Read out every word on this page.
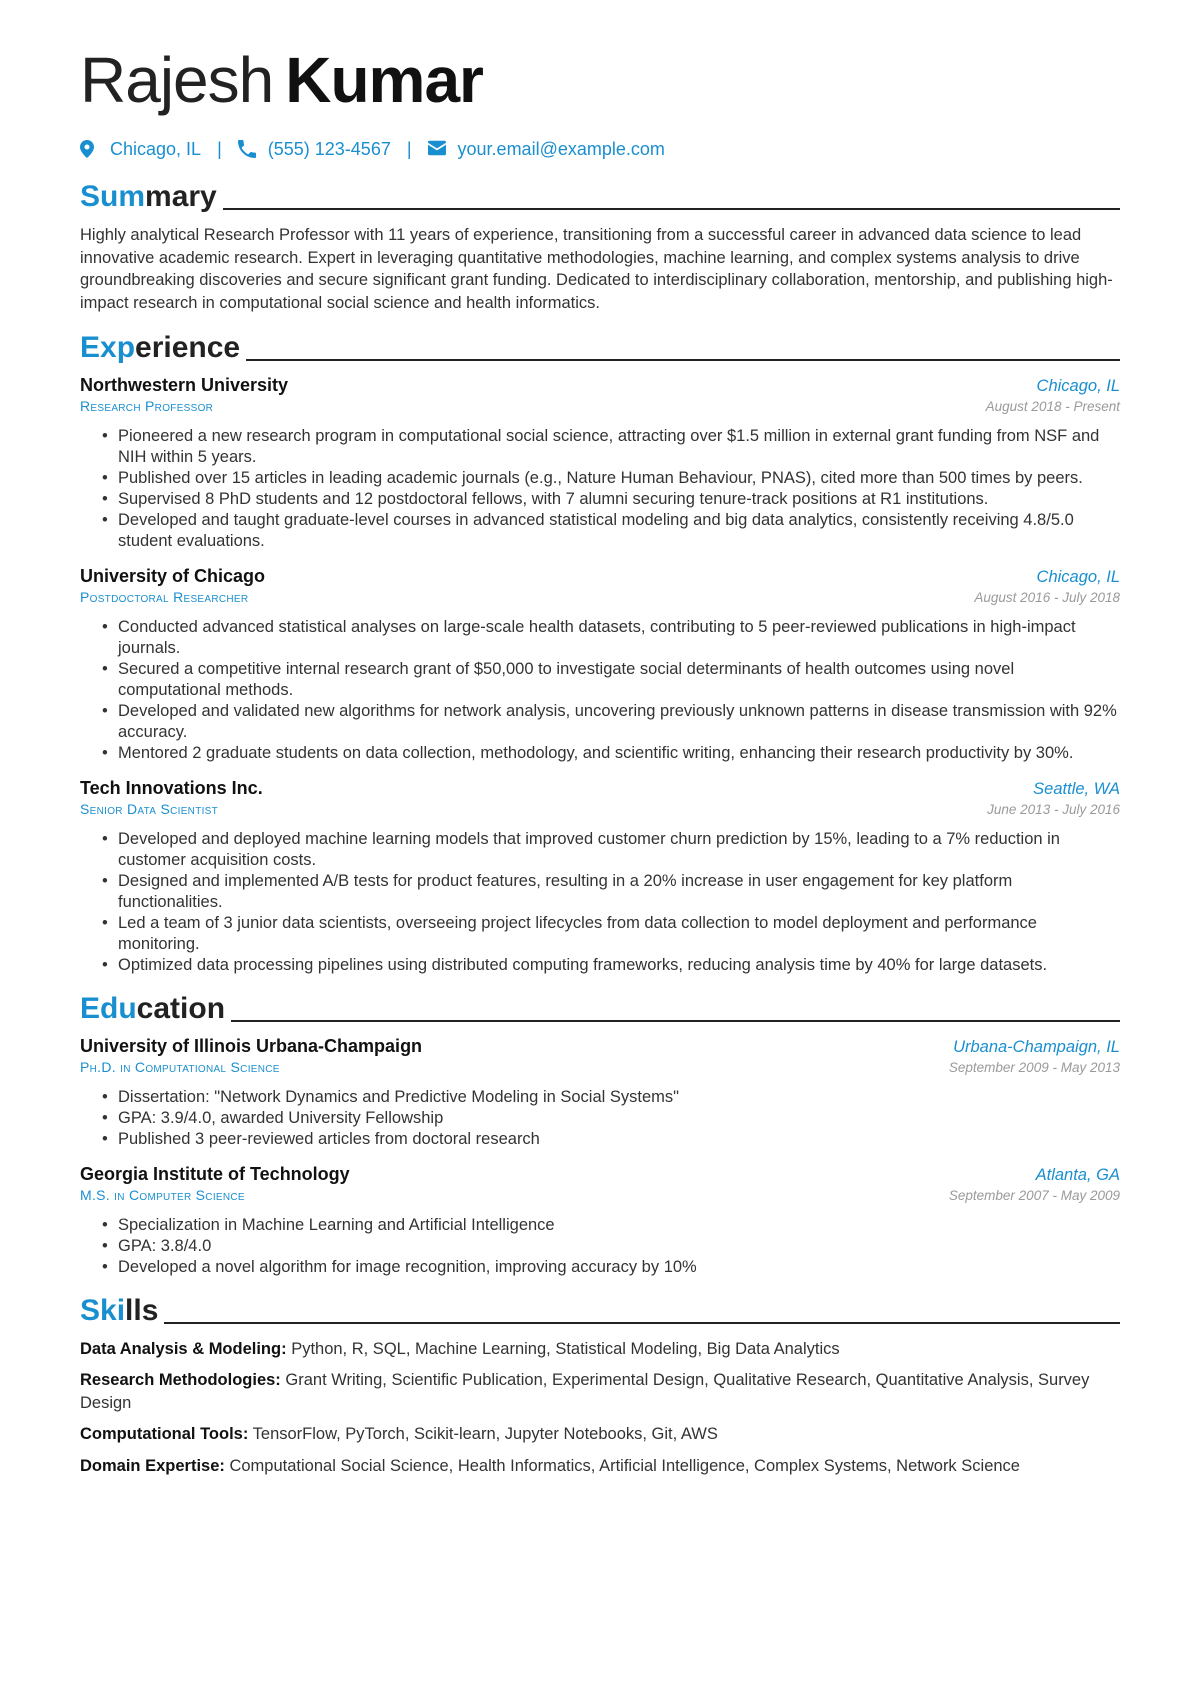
Rajesh Kumar
Chicago, IL |	(555) 123-4567 |	your.email@example.com
Summary
Highly analytical Research Professor with 11 years of experience, transitioning from a successful career in advanced data science to lead innovative academic research. Expert in leveraging quantitative methodologies, machine learning, and complex systems analysis to drive groundbreaking discoveries and secure significant grant funding. Dedicated to interdisciplinary collaboration, mentorship, and publishing high-impact research in computational social science and health informatics.
Experience
Northwestern University	Chicago, IL
Research Professor	August 2018 - Present
• Pioneered a new research program in computational social science, attracting over $1.5 million in external grant funding from NSF and NIH within 5 years.
• Published over 15 articles in leading academic journals (e.g., Nature Human Behaviour, PNAS), cited more than 500 times by peers.
• Supervised 8 PhD students and 12 postdoctoral fellows, with 7 alumni securing tenure-track positions at R1 institutions.
• Developed and taught graduate-level courses in advanced statistical modeling and big data analytics, consistently receiving 4.8/5.0 student evaluations.
University of Chicago	Chicago, IL
Postdoctoral Researcher	August 2016 - July 2018
• Conducted advanced statistical analyses on large-scale health datasets, contributing to 5 peer-reviewed publications in high-impact journals.
• Secured a competitive internal research grant of $50,000 to investigate social determinants of health outcomes using novel computational methods.
• Developed and validated new algorithms for network analysis, uncovering previously unknown patterns in disease transmission with 92% accuracy.
• Mentored 2 graduate students on data collection, methodology, and scientific writing, enhancing their research productivity by 30%.
Tech Innovations Inc.	Seattle, WA
Senior Data Scientist	June 2013 - July 2016
• Developed and deployed machine learning models that improved customer churn prediction by 15%, leading to a 7% reduction in customer acquisition costs.
• Designed and implemented A/B tests for product features, resulting in a 20% increase in user engagement for key platform functionalities.
• Led a team of 3 junior data scientists, overseeing project lifecycles from data collection to model deployment and performance monitoring.
• Optimized data processing pipelines using distributed computing frameworks, reducing analysis time by 40% for large datasets.
Education
University of Illinois Urbana-Champaign	Urbana-Champaign, IL
Ph.D. in Computational Science	September 2009 - May 2013
• Dissertation: "Network Dynamics and Predictive Modeling in Social Systems"
• GPA: 3.9/4.0, awarded University Fellowship
• Published 3 peer-reviewed articles from doctoral research
Georgia Institute of Technology	Atlanta, GA
M.S. in Computer Science	September 2007 - May 2009
• Specialization in Machine Learning and Artificial Intelligence
• GPA: 3.8/4.0
• Developed a novel algorithm for image recognition, improving accuracy by 10%
Skills
Data Analysis & Modeling: Python, R, SQL, Machine Learning, Statistical Modeling, Big Data Analytics
Research Methodologies: Grant Writing, Scientific Publication, Experimental Design, Qualitative Research, Quantitative Analysis, Survey Design
Computational Tools: TensorFlow, PyTorch, Scikit-learn, Jupyter Notebooks, Git, AWS
Domain Expertise: Computational Social Science, Health Informatics, Artificial Intelligence, Complex Systems, Network Science
